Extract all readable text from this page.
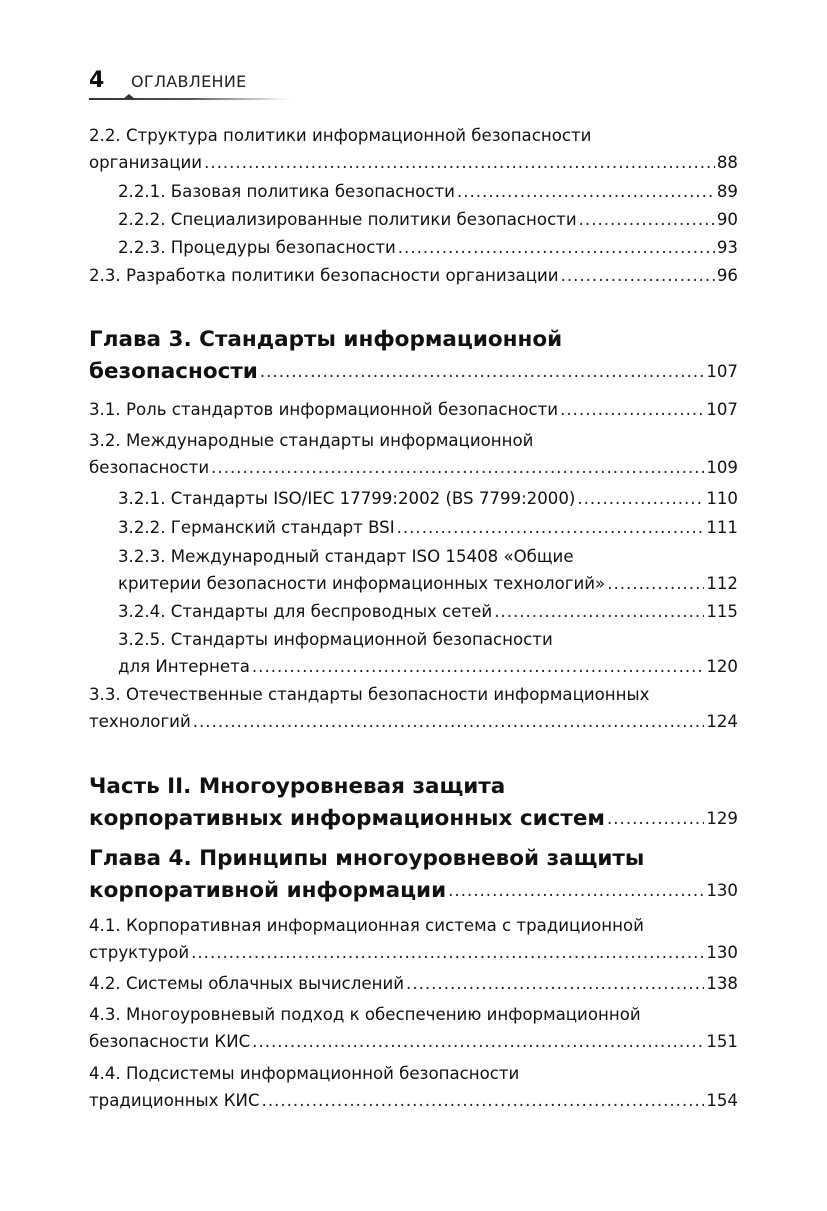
4 ОГЛАВЛЕНИЕ
2.2. Структура политики информационной безопасности
организации .....	88
2.2.1. Базовая политика безопасности .....	89
2.2.2. Специализированные политики безопасности .....	90
2.2.3. Процедуры безопасности .....	93
2.3. Разработка политики безопасности организации .....	96
Глава 3. Стандарты информационной
безопасности .....	107
3.1. Роль стандартов информационной безопасности .....	107
3.2. Международные стандарты информационной
безопасности .....	109
3.2.1. Стандарты ISO/IEC 17799:2002 (BS 7799:2000) .....	110
3.2.2. Германский стандарт BSI .....	111
3.2.3. Международный стандарт ISO 15408 «Общие
критерии безопасности информационных технологий» .....	112
3.2.4. Стандарты для беспроводных сетей .....	115
3.2.5. Стандарты информационной безопасности
для Интернета .....	120
3.3. Отечественные стандарты безопасности информационных
технологий .....	124
Часть II. Многоуровневая защита
корпоративных информационных систем .....	129
Глава 4. Принципы многоуровневой защиты
корпоративной информации .....	130
4.1. Корпоративная информационная система с традиционной
структурой .....	130
4.2. Системы облачных вычислений .....	138
4.3. Многоуровневый подход к обеспечению информационной
безопасности КИС .....	151
4.4. Подсистемы информационной безопасности
традиционных КИС .....	154
